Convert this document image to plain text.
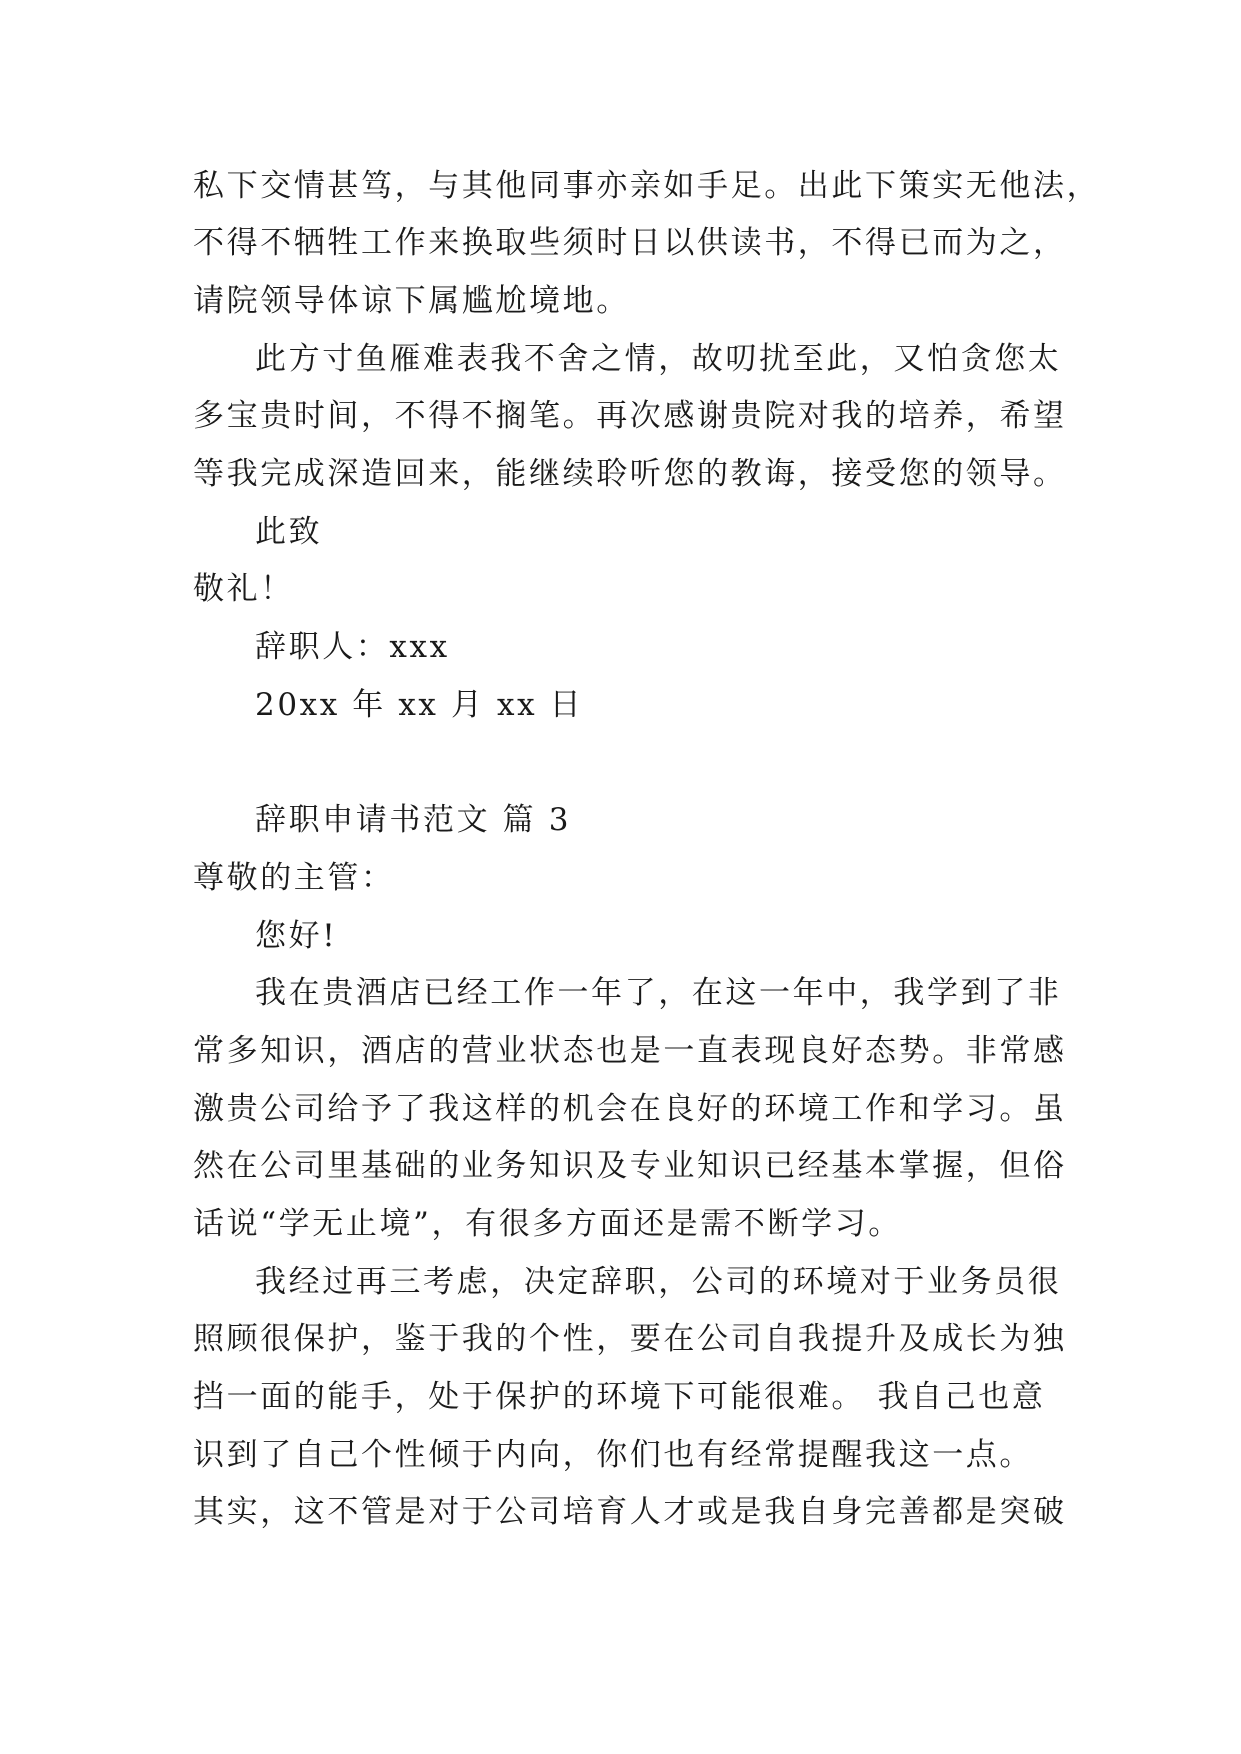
私下交情甚笃，与其他同事亦亲如手足。出此下策实无他法，
不得不牺牲工作来换取些须时日以供读书，不得已而为之，
请院领导体谅下属尴尬境地。
此方寸鱼雁难表我不舍之情，故叨扰至此，又怕贪您太
多宝贵时间，不得不搁笔。再次感谢贵院对我的培养，希望
等我完成深造回来，能继续聆听您的教诲，接受您的领导。
此致
敬礼！
辞职人：xxx
20xx 年 xx 月 xx 日
辞职申请书范文 篇 3
尊敬的主管：
您好!
我在贵酒店已经工作一年了，在这一年中，我学到了非
常多知识，酒店的营业状态也是一直表现良好态势。非常感
激贵公司给予了我这样的机会在良好的环境工作和学习。虽
然在公司里基础的业务知识及专业知识已经基本掌握，但俗
话说“学无止境”，有很多方面还是需不断学习。
我经过再三考虑，决定辞职，公司的环境对于业务员很
照顾很保护，鉴于我的个性，要在公司自我提升及成长为独
挡一面的能手，处于保护的环境下可能很难。 我自己也意
识到了自己个性倾于内向，你们也有经常提醒我这一点。
其实，这不管是对于公司培育人才或是我自身完善都是突破
